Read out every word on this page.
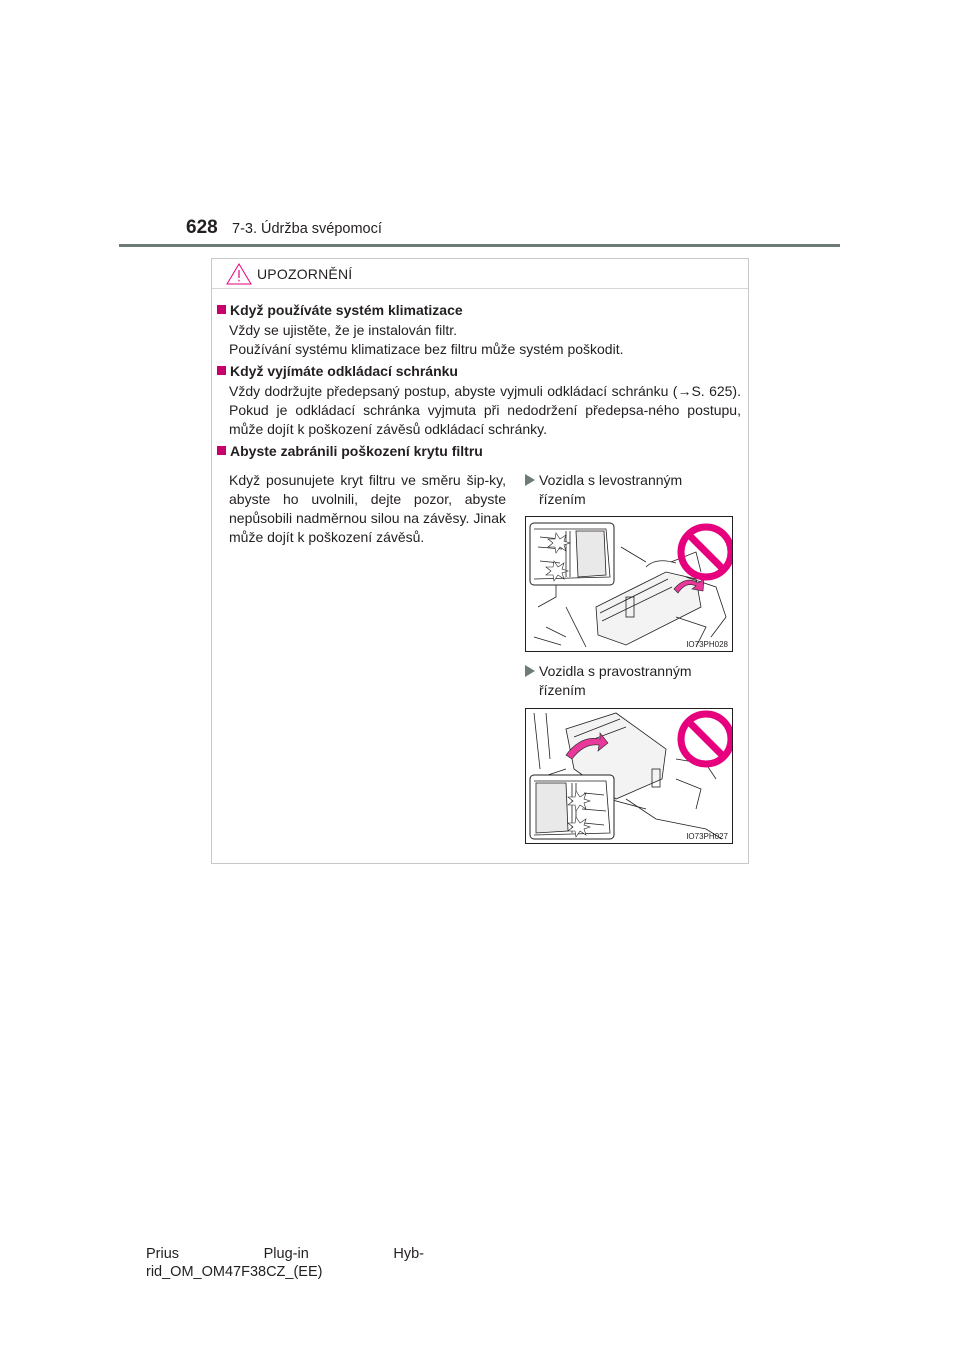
628 7-3. Údržba svépomocí
UPOZORNĚNÍ
Když používáte systém klimatizace
Vždy se ujistěte, že je instalován filtr.
Používání systému klimatizace bez filtru může systém poškodit.
Když vyjímáte odkládací schránku
Vždy dodržujte předepsaný postup, abyste vyjmuli odkládací schránku (→S. 625). Pokud je odkládací schránka vyjmuta při nedodržení předepsa-ného postupu, může dojít k poškození závěsů odkládací schránky.
Abyste zabránili poškození krytu filtru
Když posunujete kryt filtru ve směru šip-ky, abyste ho uvolnili, dejte pozor, abyste nepůsobili nadměrnou silou na závěsy. Jinak může dojít k poškození závěsů.
Vozidla s levostranným
řízením
IO73PH028
Vozidla s pravostranným
řízením
IO73PH027
Prius	Plug-in	Hyb-
rid_OM_OM47F38CZ_(EE)
